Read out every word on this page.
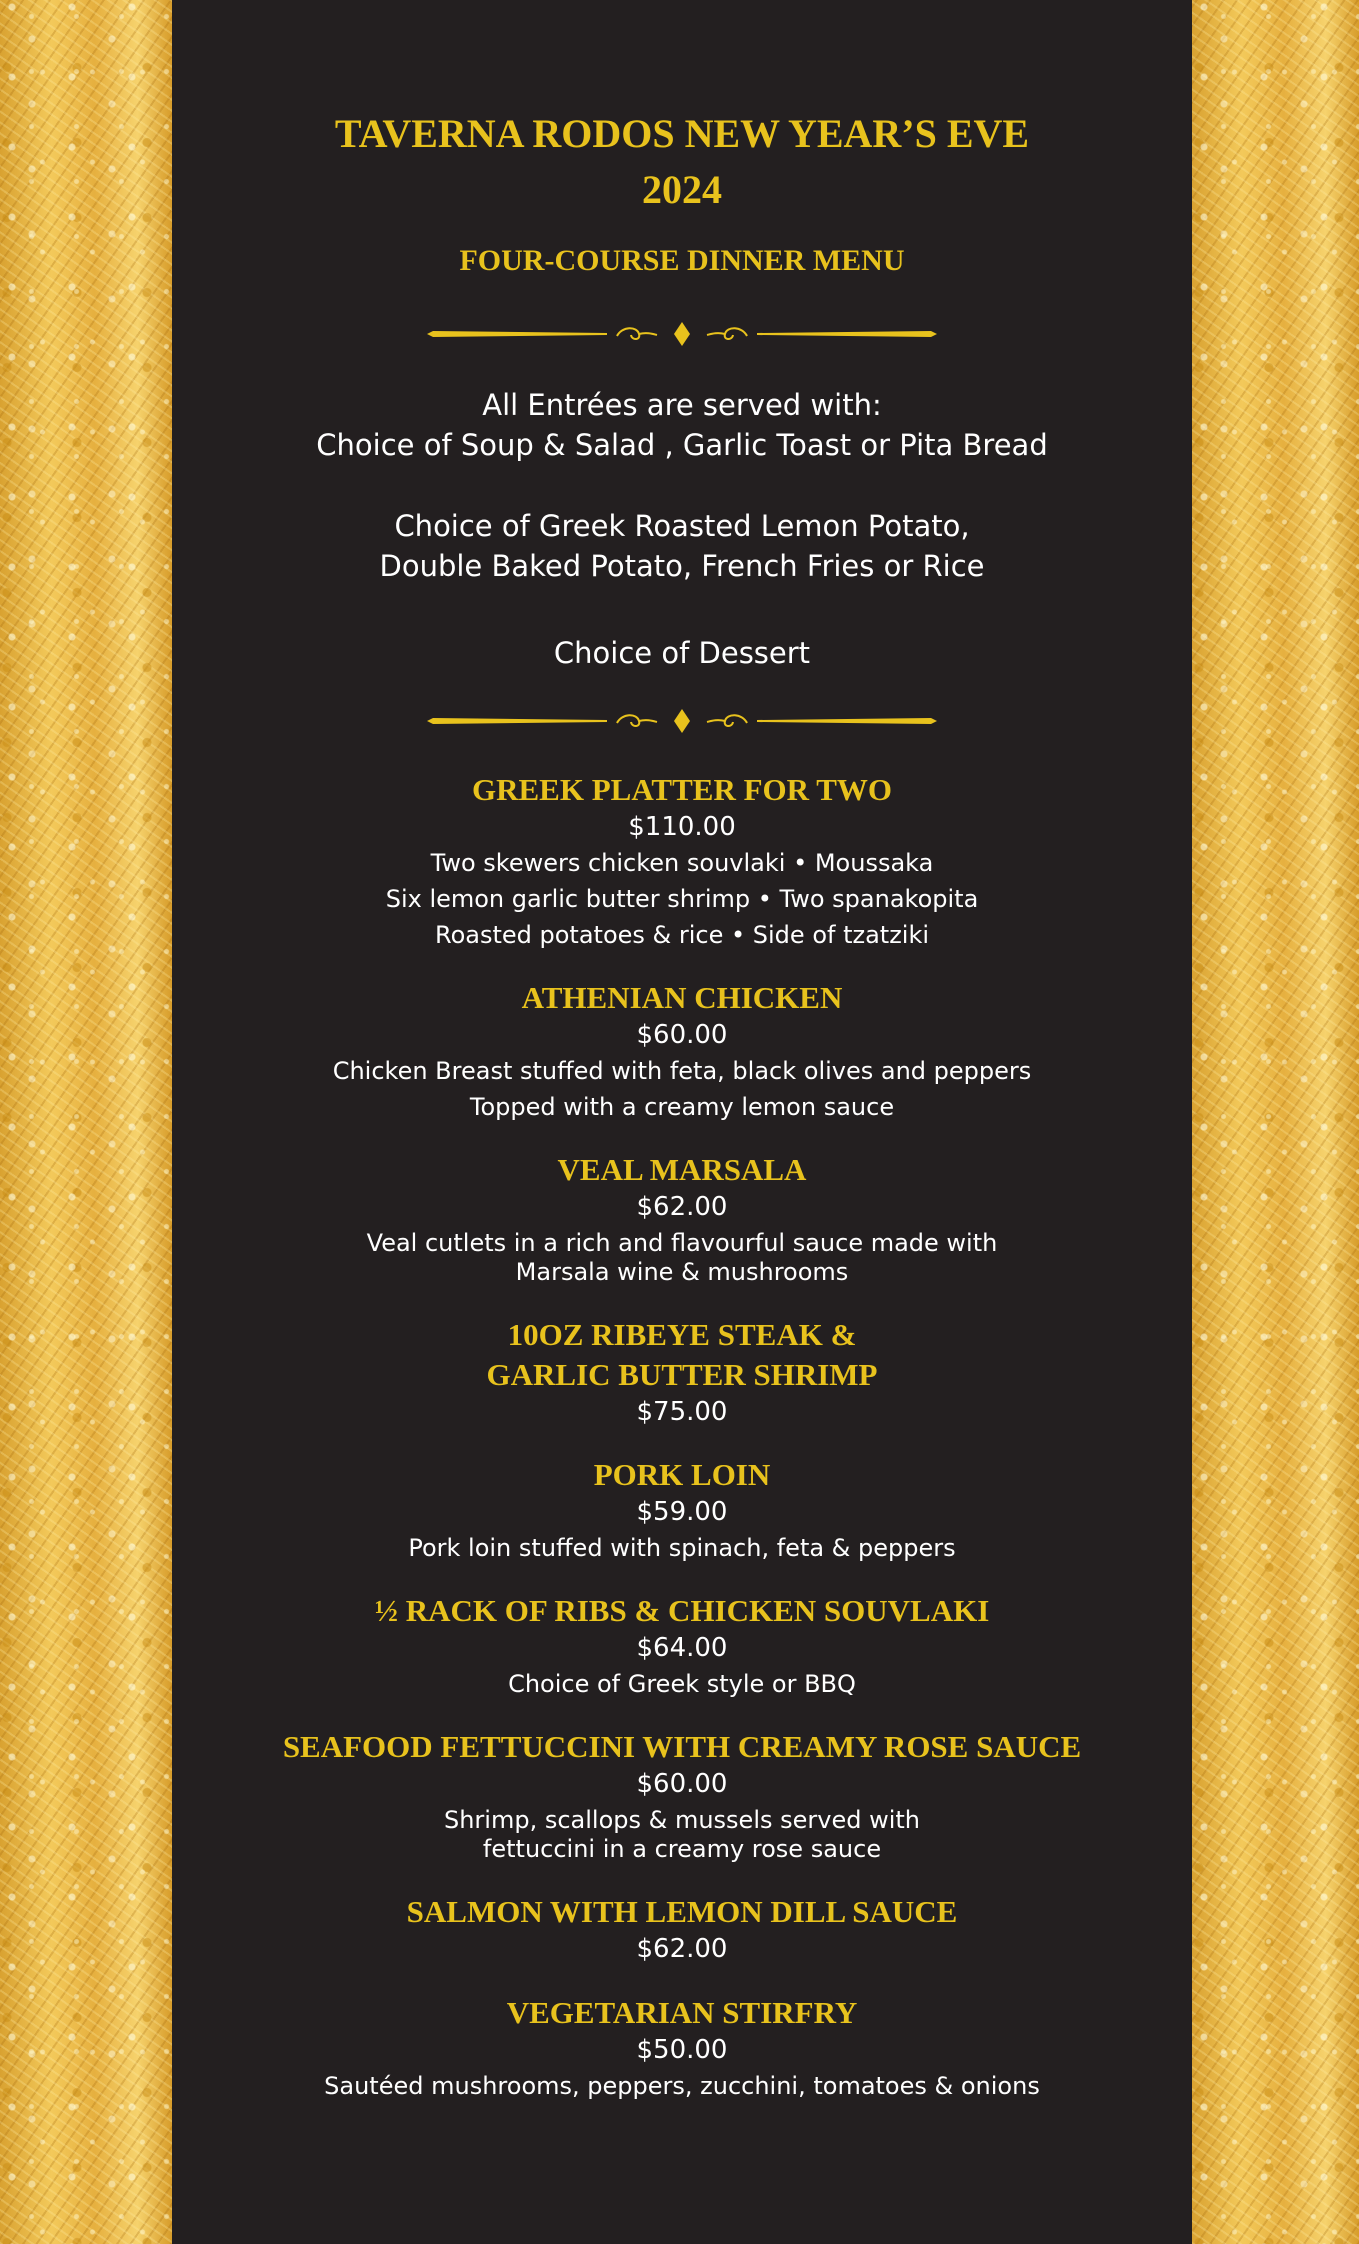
TAVERNA RODOS NEW YEAR’S EVE
2024
FOUR-COURSE DINNER MENU
All Entrées are served with:
Choice of Soup & Salad , Garlic Toast or Pita Bread
Choice of Greek Roasted Lemon Potato,
Double Baked Potato, French Fries or Rice
Choice of Dessert
GREEK PLATTER FOR TWO
$110.00
Two skewers chicken souvlaki • Moussaka
Six lemon garlic butter shrimp • Two spanakopita
Roasted potatoes & rice • Side of tzatziki
ATHENIAN CHICKEN
$60.00
Chicken Breast stuffed with feta, black olives and peppers
Topped with a creamy lemon sauce
VEAL MARSALA
$62.00
Veal cutlets in a rich and flavourful sauce made with
Marsala wine & mushrooms
10OZ RIBEYE STEAK &
GARLIC BUTTER SHRIMP
$75.00
PORK LOIN
$59.00
Pork loin stuffed with spinach, feta & peppers
½ RACK OF RIBS & CHICKEN SOUVLAKI
$64.00
Choice of Greek style or BBQ
SEAFOOD FETTUCCINI WITH CREAMY ROSE SAUCE
$60.00
Shrimp, scallops & mussels served with
fettuccini in a creamy rose sauce
SALMON WITH LEMON DILL SAUCE
$62.00
VEGETARIAN STIRFRY
$50.00
Sautéed mushrooms, peppers, zucchini, tomatoes & onions
